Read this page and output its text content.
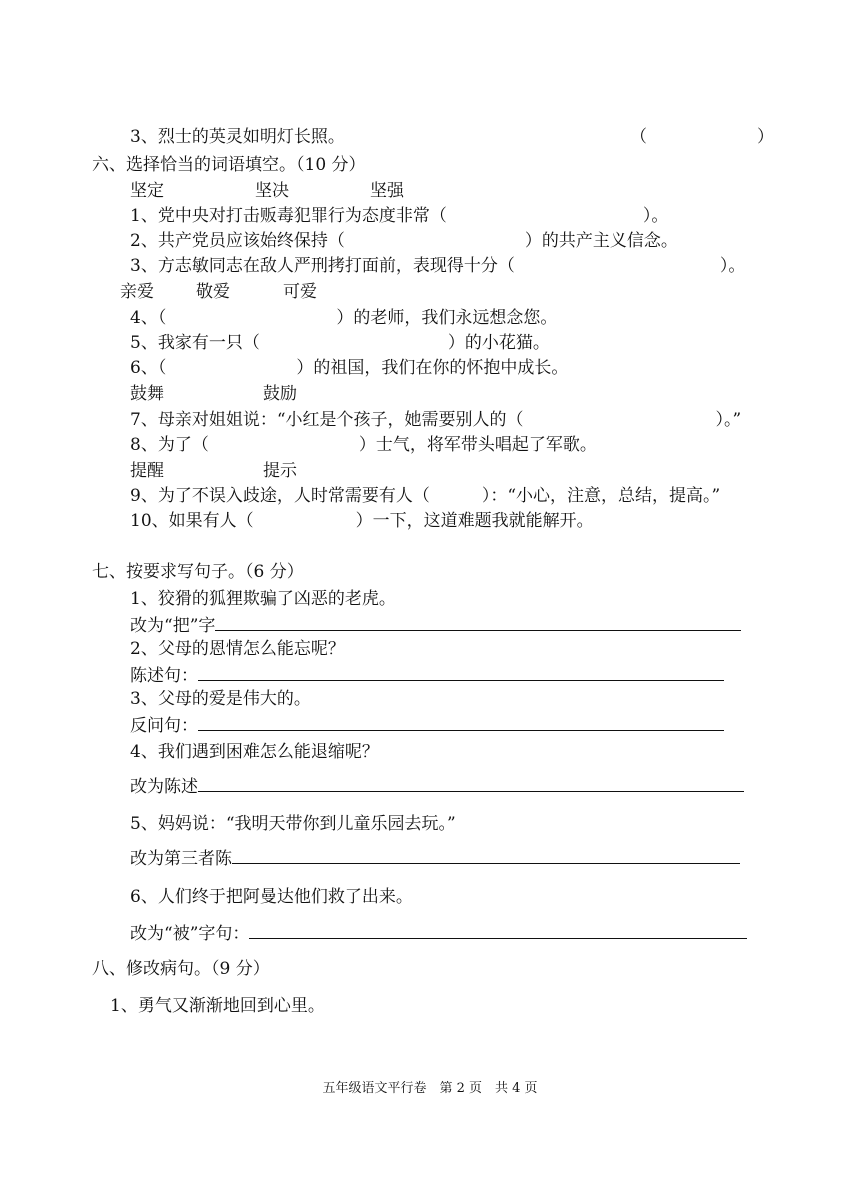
3、烈士的英灵如明灯长照。	（	）
六、选择恰当的词语填空。（10 分）
坚定	坚决	坚强
1、党中央对打击贩毒犯罪行为态度非常（	）。
2、共产党员应该始终保持（	）的共产主义信念。
3、方志敏同志在敌人严刑拷打面前，表现得十分（	）。
亲爱 敬爱	可爱
4、（	）的老师，我们永远想念您。
5、我家有一只（	）的小花猫。
6、（	）的祖国，我们在你的怀抱中成长。
鼓舞	鼓励
7、母亲对姐姐说：“小红是个孩子，她需要别人的（	）。”
8、为了（	）士气，将军带头唱起了军歌。
提醒	提示
9、为了不误入歧途，人时常需要有人（	）：“小心，注意，总结，提高。”
10、如果有人（	）一下，这道难题我就能解开。
七、按要求写句子。（6 分）
1、狡猾的狐狸欺骗了凶恶的老虎。
改为“把”字
2、父母的恩情怎么能忘呢？
陈述句：
3、父母的爱是伟大的。
反问句：
4、我们遇到困难怎么能退缩呢？
改为陈述
5、妈妈说：“我明天带你到儿童乐园去玩。”
改为第三者陈
6、人们终于把阿曼达他们救了出来。
改为“被”字句：
八、修改病句。（9 分）
1、勇气又渐渐地回到心里。
五年级语文平行卷　第 2 页　共 4 页
